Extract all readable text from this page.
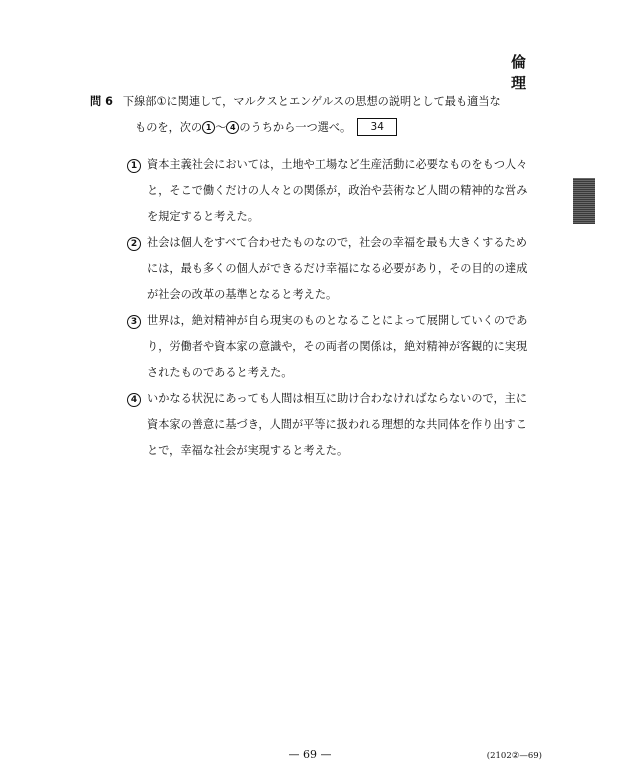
倫　理
問 6 下線部①に関連して，マルクスとエンゲルスの思想の説明として最も適当な
ものを，次の 1 ～ 4 のうちから一つ選べ。 34
1 資本主義社会においては，土地や工場など生産活動に必要なものをもつ人々と，そこで働くだけの人々との関係が，政治や芸術など人間の精神的な営みを規定すると考えた。
2 社会は個人をすべて合わせたものなので，社会の幸福を最も大きくするためには，最も多くの個人ができるだけ幸福になる必要があり，その目的の達成が社会の改革の基準となると考えた。
3 世界は，絶対精神が自ら現実のものとなることによって展開していくのであり，労働者や資本家の意識や，その両者の関係は，絶対精神が客観的に実現されたものであると考えた。
4 いかなる状況にあっても人間は相互に助け合わなければならないので，主に資本家の善意に基づき，人間が平等に扱われる理想的な共同体を作り出すことで，幸福な社会が実現すると考えた。
— 69 —	(2102②—69)
